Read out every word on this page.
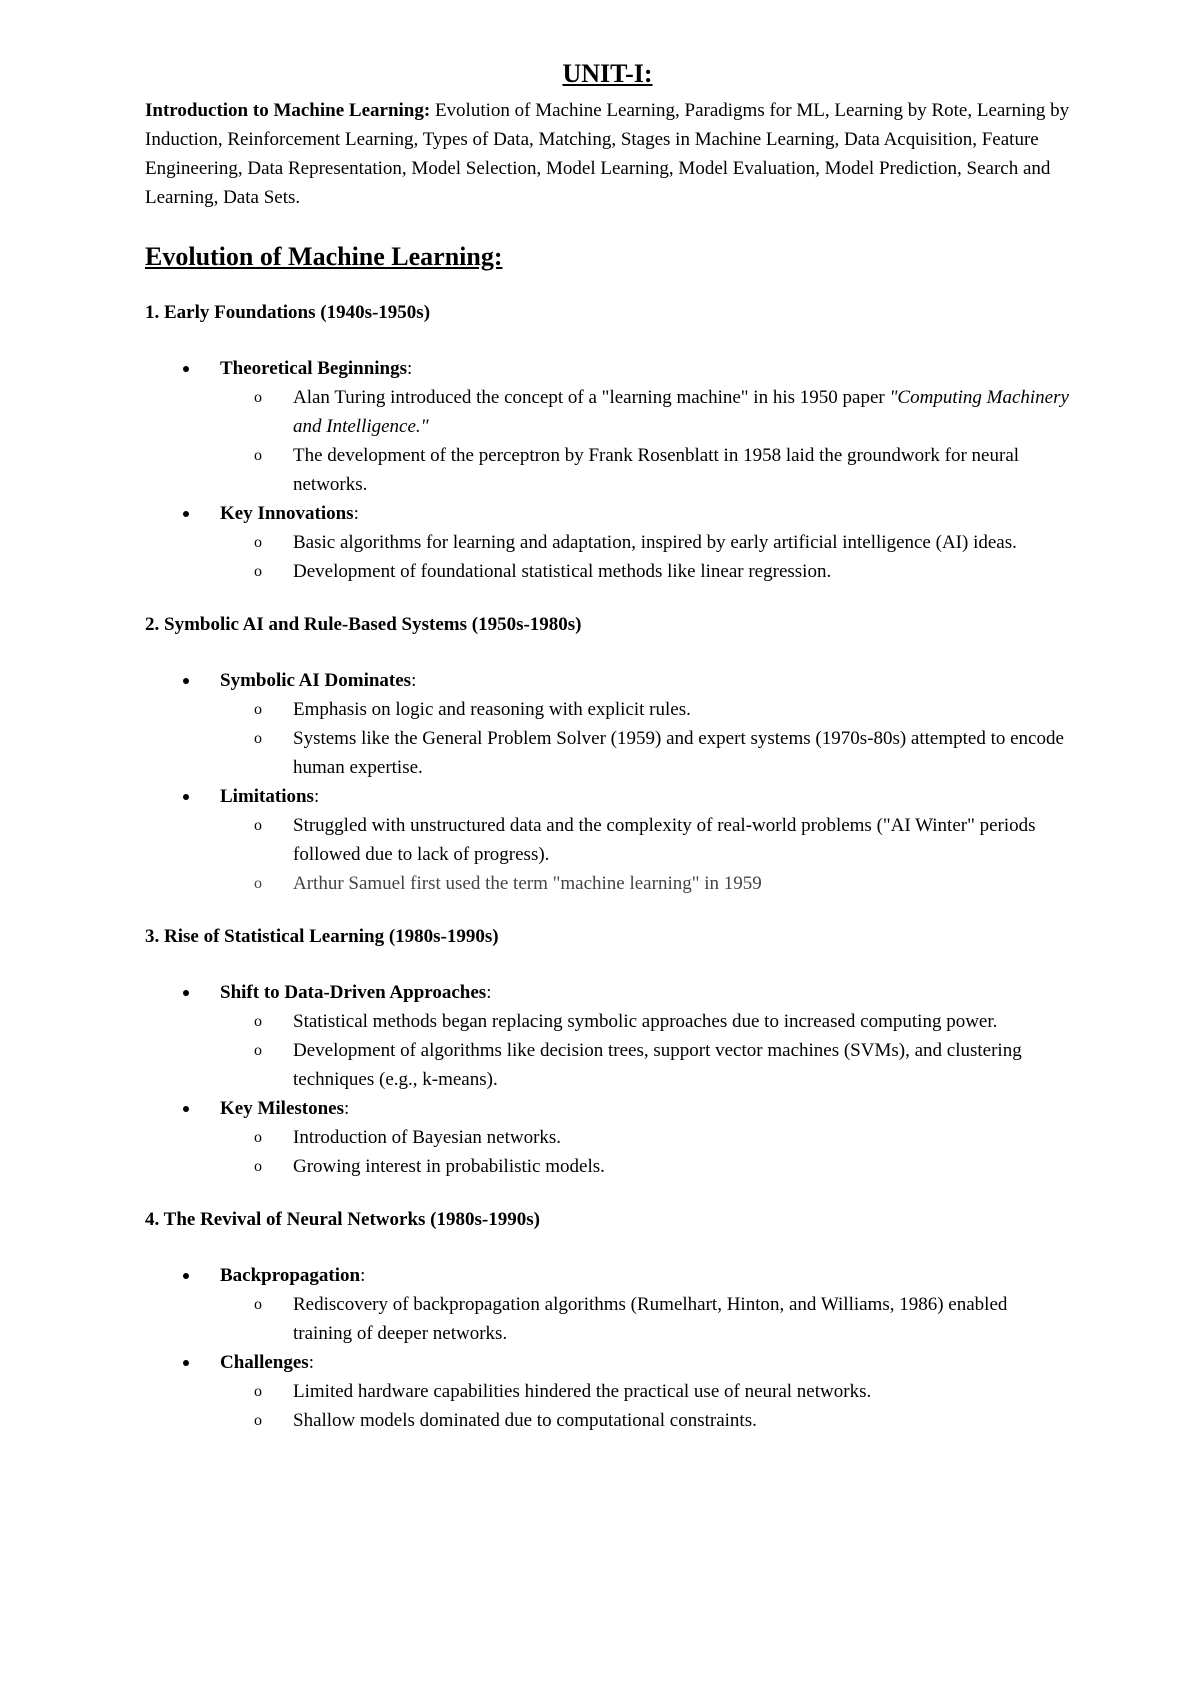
UNIT-I:

Introduction to Machine Learning: Evolution of Machine Learning, Paradigms for ML, Learning by Rote, Learning by Induction, Reinforcement Learning, Types of Data, Matching, Stages in Machine Learning, Data Acquisition, Feature Engineering, Data Representation, Model Selection, Model Learning, Model Evaluation, Model Prediction, Search and Learning, Data Sets.

Evolution of Machine Learning:
1. Early Foundations (1940s-1950s)
Theoretical Beginnings:
o Alan Turing introduced the concept of a "learning machine" in his 1950 paper "Computing Machinery and Intelligence."
o The development of the perceptron by Frank Rosenblatt in 1958 laid the groundwork for neural networks.
Key Innovations:
o Basic algorithms for learning and adaptation, inspired by early artificial intelligence (AI) ideas.
o Development of foundational statistical methods like linear regression.
2. Symbolic AI and Rule-Based Systems (1950s-1980s)
Symbolic AI Dominates:
o Emphasis on logic and reasoning with explicit rules.
o Systems like the General Problem Solver (1959) and expert systems (1970s-80s) attempted to encode human expertise.
Limitations:
o Struggled with unstructured data and the complexity of real-world problems ("AI Winter" periods followed due to lack of progress).
o Arthur Samuel first used the term "machine learning" in 1959
3. Rise of Statistical Learning (1980s-1990s)
Shift to Data-Driven Approaches:
o Statistical methods began replacing symbolic approaches due to increased computing power.
o Development of algorithms like decision trees, support vector machines (SVMs), and clustering techniques (e.g., k-means).
Key Milestones:
o Introduction of Bayesian networks.
o Growing interest in probabilistic models.
4. The Revival of Neural Networks (1980s-1990s)
Backpropagation:
o Rediscovery of backpropagation algorithms (Rumelhart, Hinton, and Williams, 1986) enabled training of deeper networks.
Challenges:
o Limited hardware capabilities hindered the practical use of neural networks.
o Shallow models dominated due to computational constraints.
